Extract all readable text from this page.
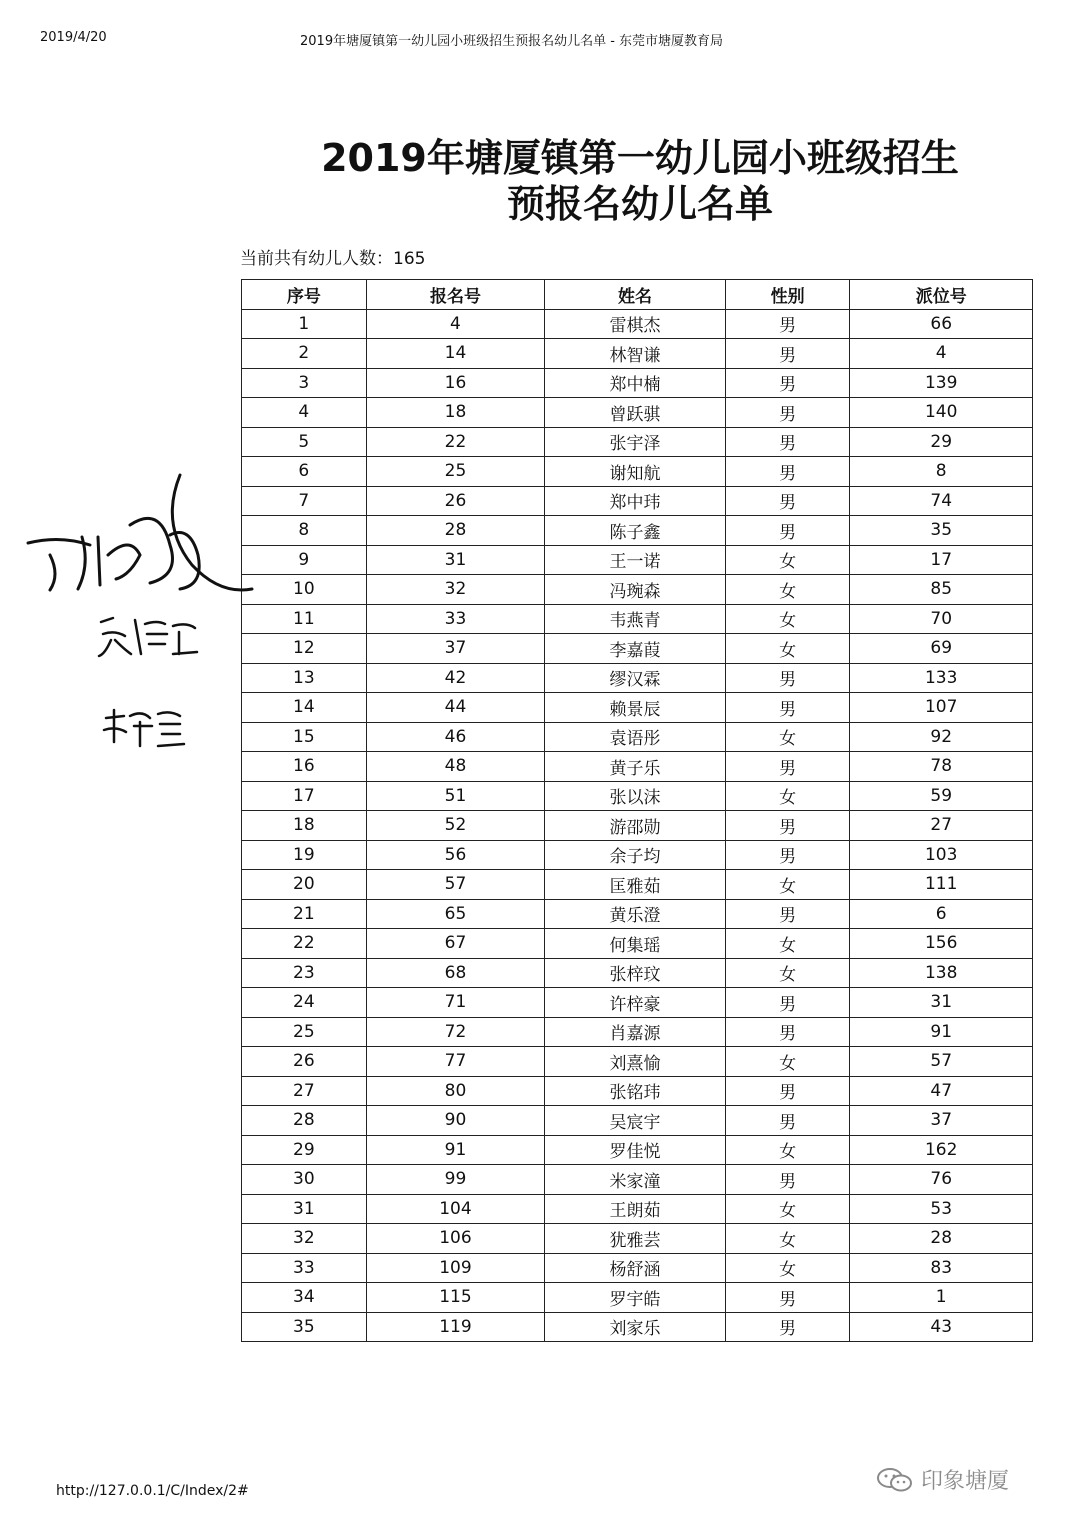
2019/4/20	2019年塘厦镇第一幼儿园小班级招生预报名幼儿名单 - 东莞市塘厦教育局
2019年塘厦镇第一幼儿园小班级招生
预报名幼儿名单
当前共有幼儿人数：165
序号	报名号	姓名	性别	派位号
1	4	雷棋杰	男	66
2	14	林智谦	男	4
3	16	郑中楠	男	139
4	18	曾跃骐	男	140
5	22	张宇泽	男	29
6	25	谢知航	男	8
7	26	郑中玮	男	74
8	28	陈子鑫	男	35
9	31	王一诺	女	17
10	32	冯琬森	女	85
11	33	韦燕青	女	70
12	37	李嘉葭	女	69
13	42	缪汉霖	男	133
14	44	赖景辰	男	107
15	46	袁语彤	女	92
16	48	黄子乐	男	78
17	51	张以沫	女	59
18	52	游邵勋	男	27
19	56	余子均	男	103
20	57	匡雅茹	女	111
21	65	黄乐澄	男	6
22	67	何集瑶	女	156
23	68	张梓玟	女	138
24	71	许梓豪	男	31
25	72	肖嘉源	男	91
26	77	刘熹愉	女	57
27	80	张铭玮	男	47
28	90	吴宸宇	男	37
29	91	罗佳悦	女	162
30	99	米家潼	男	76
31	104	王朗茹	女	53
32	106	犹雅芸	女	28
33	109	杨舒涵	女	83
34	115	罗宇皓	男	1
35	119	刘家乐	男	43
http://127.0.0.1/C/Index/2#	印象塘厦
